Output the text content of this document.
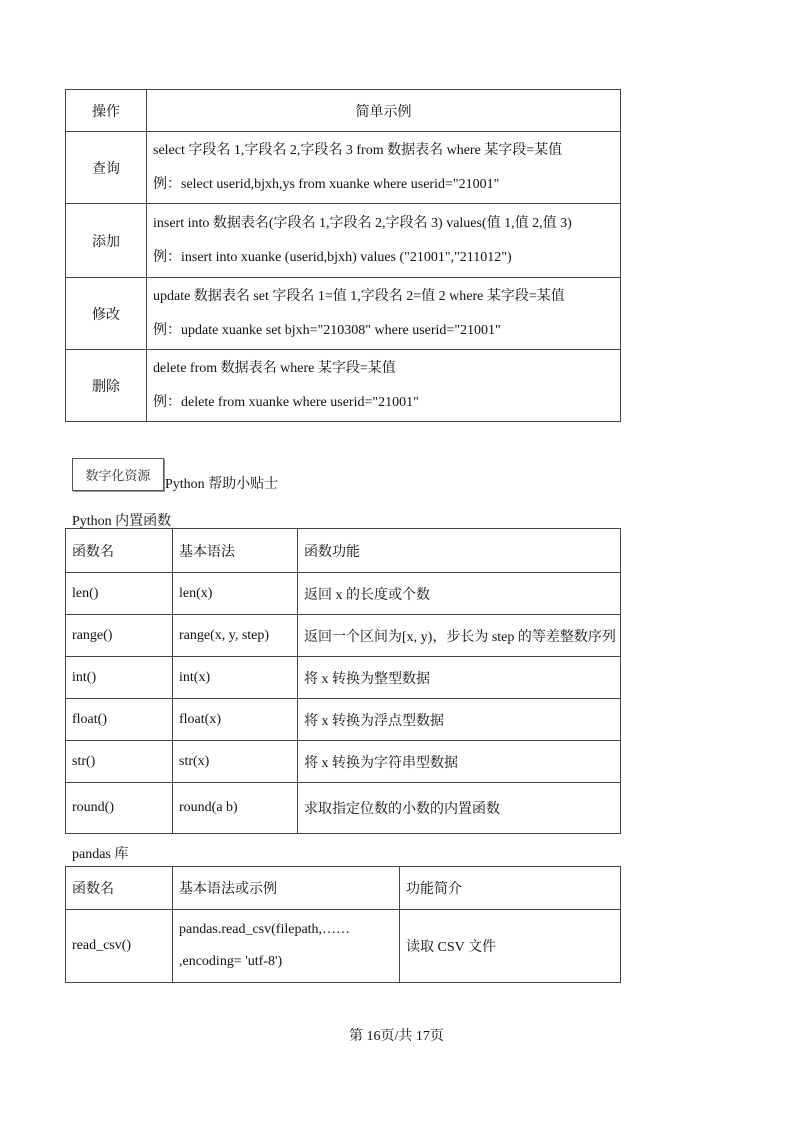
操作	简单示例
查询	select 字段名 1,字段名 2,字段名 3 from 数据表名 where 某字段=某值
例：select userid,bjxh,ys from xuanke where userid="21001"

添加	insert into 数据表名(字段名 1,字段名 2,字段名 3) values(值 1,值 2,值 3)
例：insert into xuanke (userid,bjxh) values ("21001","211012")

修改	update 数据表名 set 字段名 1=值 1,字段名 2=值 2 where 某字段=某值
例：update xuanke set bjxh="210308" where userid="21001"

删除	delete from 数据表名 where 某字段=某值
例：delete from xuanke where userid="21001"
数字化资源
Python 帮助小贴士
Python 内置函数
函数名	基本语法	函数功能
len()	len(x)	返回 x 的长度或个数
range()	range(x, y, step)	返回一个区间为[x, y)，步长为 step 的等差整数序列
int()	int(x)	将 x 转换为整型数据
float()	float(x)	将 x 转换为浮点型数据
str()	str(x)	将 x 转换为字符串型数据
round()	round(a b)	求取指定位数的小数的内置函数
pandas 库
函数名	基本语法或示例	功能简介
read_csv()	pandas.read_csv(filepath,……
,encoding= 'utf-8')	读取 CSV 文件
第 16页/共 17页
